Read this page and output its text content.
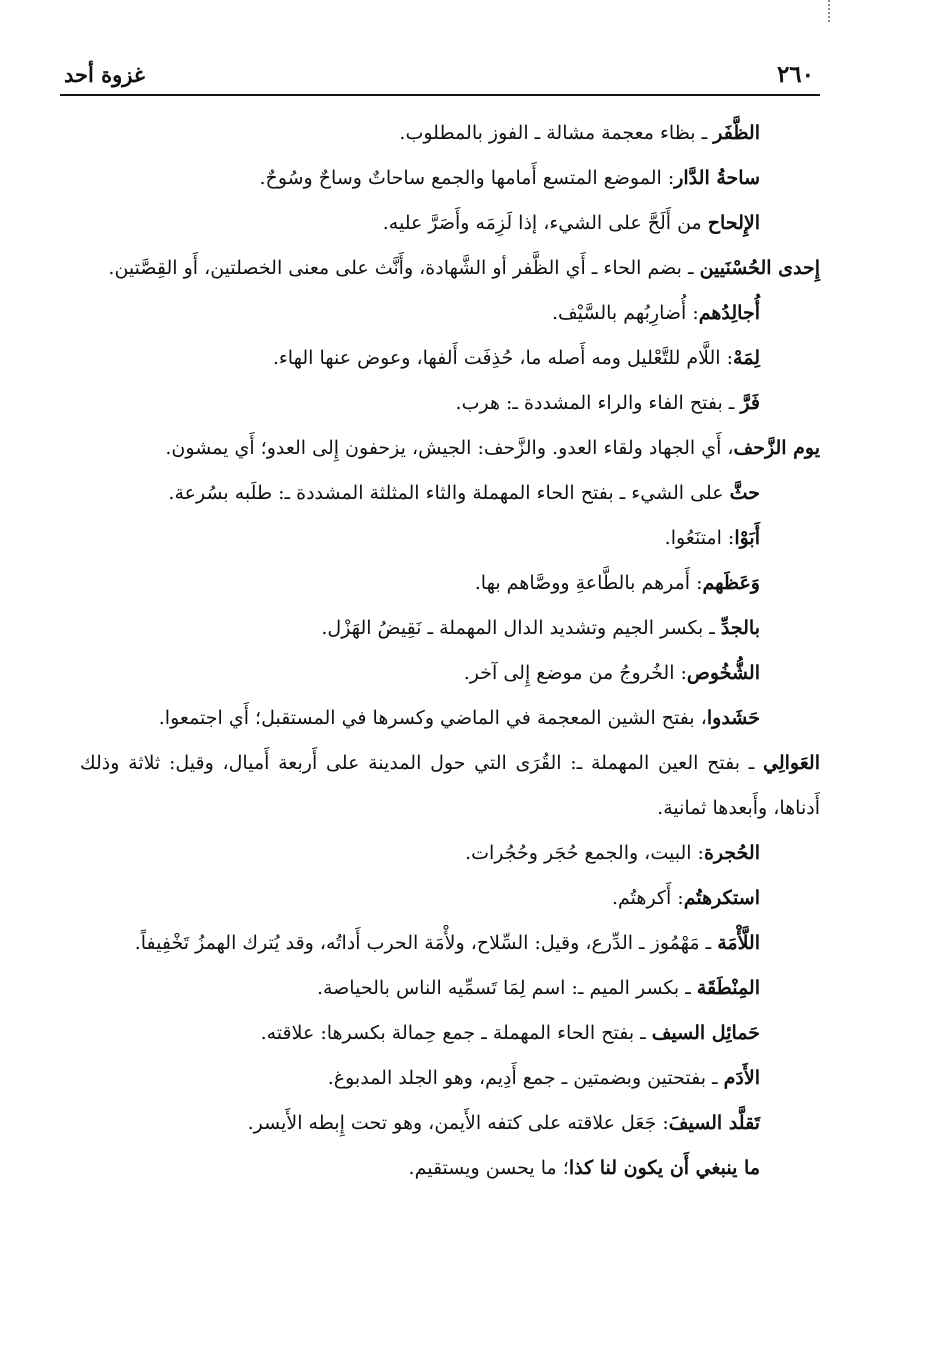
٢٦٠
غزوة أحد

الظَّفَر ـ بظاء معجمة مشالة ـ الفوز بالمطلوب.

ساحةُ الدَّار: الموضع المتسع أَمامها والجمع ساحاتٌ وساحٌ وسُوحٌ.

الإِلحاح من أَلَحَّ على الشيء، إذا لَزِمَه وأَصَرَّ عليه.

إِحدى الحُسْنَيين ـ بضم الحاء ـ أَي الظَّفر أو الشَّهادة، وأَنَّث على معنى الخصلتين، أَو القِصَّتين.

أُجالِدُهم: أُضارِبُهم بالسَّيْف.

لِمَهْ: اللَّام للتَّعْليل ومه أَصله ما، حُذِفَت أَلفها، وعوض عنها الهاء.

فَرَّ ـ بفتح الفاء والراء المشددة ـ: هرب.

يوم الزَّحف، أَي الجهاد ولقاء العدو. والزَّحف: الجيش، يزحفون إِلى العدو؛ أَي يمشون.

حثَّ على الشيء ـ بفتح الحاء المهملة والثاء المثلثة المشددة ـ: طلَبه بسُرعة.

أَبَوْا: امتنَعُوا.

وَعَظَهم: أَمرهم بالطَّاعةِ ووصَّاهم بها.

بالجدِّ ـ بكسر الجيم وتشديد الدال المهملة ـ نَقِيضُ الهَزْل.

الشُّخُوص: الخُروجُ من موضع إِلى آخر.

حَشَدوا، بفتح الشين المعجمة في الماضي وكسرها في المستقبل؛ أَي اجتمعوا.

العَوالِي ـ بفتح العين المهملة ـ: القُرَى التي حول المدينة على أَربعة أَميال، وقيل: ثلاثة وذلك أَدناها، وأَبعدها ثمانية.

الحُجرة: البيت، والجمع حُجَر وحُجُرات.

استكرهتُم: أَكرهتُم.

اللَّأْمَة ـ مَهْمُوز ـ الدِّرع، وقيل: السِّلاح، ولأْمَة الحرب أَداتُه، وقد يُترك الهمزُ تَخْفِيفاً.

المِنْطَقَة ـ بكسر الميم ـ: اسم لِمَا تَسمِّيه الناس بالحياصة.

حَمائِل السيف ـ بفتح الحاء المهملة ـ جمع حِمالة بكسرها: علاقته.

الأَدَم ـ بفتحتين وبضمتين ـ جمع أَدِيم، وهو الجلد المدبوغ.

تَقلَّد السيفَ: جَعَل علاقته على كتفه الأَيمن، وهو تحت إِبطه الأَيسر.

ما ينبغي أَن يكون لنا كذا؛ ما يحسن ويستقيم.
